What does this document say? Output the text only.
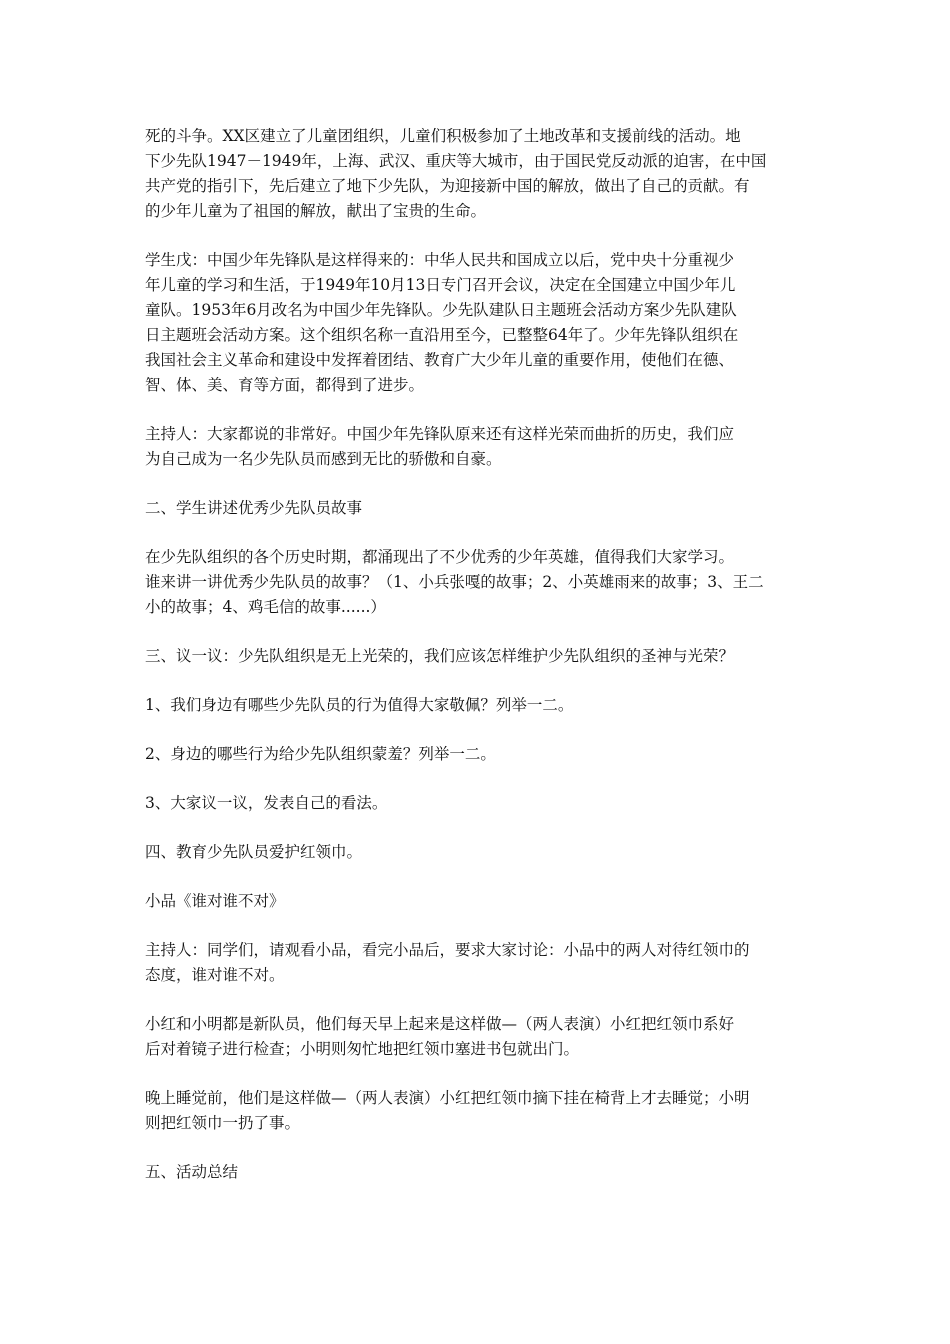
死的斗争。XX区建立了儿童团组织，儿童们积极参加了土地改革和支援前线的活动。地
下少先队1947－1949年，上海、武汉、重庆等大城市，由于国民党反动派的迫害，在中国
共产党的指引下，先后建立了地下少先队，为迎接新中国的解放，做出了自己的贡献。有
的少年儿童为了祖国的解放，献出了宝贵的生命。
学生戊：中国少年先锋队是这样得来的：中华人民共和国成立以后，党中央十分重视少
年儿童的学习和生活，于1949年10月13日专门召开会议，决定在全国建立中国少年儿
童队。1953年6月改名为中国少年先锋队。少先队建队日主题班会活动方案少先队建队
日主题班会活动方案。这个组织名称一直沿用至今，已整整64年了。少年先锋队组织在
我国社会主义革命和建设中发挥着团结、教育广大少年儿童的重要作用，使他们在德、
智、体、美、育等方面，都得到了进步。
主持人：大家都说的非常好。中国少年先锋队原来还有这样光荣而曲折的历史，我们应
为自己成为一名少先队员而感到无比的骄傲和自豪。
二、学生讲述优秀少先队员故事
在少先队组织的各个历史时期，都涌现出了不少优秀的少年英雄，值得我们大家学习。
谁来讲一讲优秀少先队员的故事？（1、小兵张嘎的故事；2、小英雄雨来的故事；3、王二
小的故事；4、鸡毛信的故事......）
三、议一议：少先队组织是无上光荣的，我们应该怎样维护少先队组织的圣神与光荣？
1、我们身边有哪些少先队员的行为值得大家敬佩？列举一二。
2、身边的哪些行为给少先队组织蒙羞？列举一二。
3、大家议一议，发表自己的看法。
四、教育少先队员爱护红领巾。
小品《谁对谁不对》
主持人：同学们，请观看小品，看完小品后，要求大家讨论：小品中的两人对待红领巾的
态度，谁对谁不对。
小红和小明都是新队员，他们每天早上起来是这样做—（两人表演）小红把红领巾系好
后对着镜子进行检查；小明则匆忙地把红领巾塞进书包就出门。
晚上睡觉前，他们是这样做—（两人表演）小红把红领巾摘下挂在椅背上才去睡觉；小明
则把红领巾一扔了事。
五、活动总结
